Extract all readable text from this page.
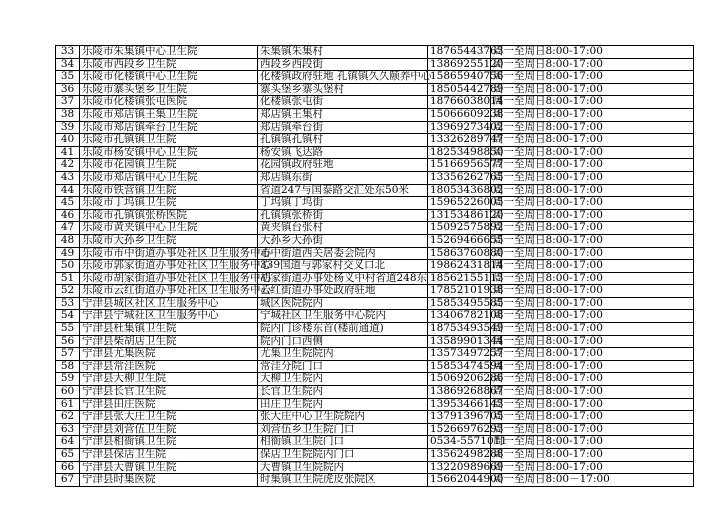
33	乐陵市朱集镇中心卫生院	朱集镇朱集村	18765443763	周一至周日8:00-17:00
34	乐陵市西段乡卫生院	西段乡西段街	13869255120	周一至周日8:00-17:00
35	乐陵市化楼镇中心卫生院	化楼镇政府驻地 孔镇镇久久颐养中心	15865940756	周一至周日8:00-17:00
36	乐陵市寨头堡乡卫生院	寨头堡乡寨头堡村	18505442789	周一至周日8:00-17:00
37	乐陵市化楼镇张屯医院	化楼镇张屯街	18766038014	周一至周日8:00-17:00
38	乐陵市郑店镇王集卫生院	郑店镇王集村	15066609238	周一至周日8:00-17:00
39	乐陵市郑店镇牵台卫生院	郑店镇牵台街	13969273402	周一至周日8:00-17:00
40	乐陵市孔镇镇卫生院	孔镇镇孔镇村	13326289747	周一至周日8:00-17:00
41	乐陵市杨安镇中心卫生院	杨安镇飞达路	18253498850	周一至周日8:00-17:00
42	乐陵市花园镇卫生院	花园镇政府驻地	15166956577	周一至周日8:00-17:00
43	乐陵市郑店镇中心卫生院	郑店镇东街	13356262765	周一至周日8:00-17:00
44	乐陵市铁营镇卫生院	省道247与国泰路交汇处东50米	18053436802	周一至周日8:00-17:00
45	乐陵市丁坞镇卫生院	丁坞镇丁坞街	15965226005	周一至周日8:00-17:00
46	乐陵市孔镇镇张桥医院	孔镇镇张桥街	13153486120	周一至周日8:00-17:00
47	乐陵市黄夹镇中心卫生院	黄夹镇台张村	15092575892	周一至周日8:00-17:00
48	乐陵市大孙乡卫生院	大孙乡大孙街	15269466655	周一至周日8:00-17:00
49	乐陵市市中街道办事处社区卫生服务中心	市中街道西关居委会院内	15863760880	周一至周日8:00-17:00
50	乐陵市郭家街道办事处社区卫生服务中心	339国道与郭家村交叉口北	19862431814	周一至周日8:00-17:00
51	乐陵市胡家街道办事处社区卫生服务中心	胡家街道办事处杨义中村省道248东	18562155113	周一至周日8:00-17:00
52	乐陵市云红街道办事处社区卫生服务中心	云红街道办事处政府驻地	17852101938	周一至周日8:00-17:00
53	宁津县城区社区卫生服务中心	城区医院院内	15853495585	周一至周日8:00-17:00
54	宁津县宁城社区卫生服务中心	宁城社区卫生服务中心院内	13406782108	周一至周日8:00-17:00
55	宁津县杜集镇卫生院	院内门诊楼东首(楼前通道)	18753493549	周一至周日8:00-17:00
56	宁津县柴胡店卫生院	院内门口西侧	13589901344	周一至周日8:00-17:00
57	宁津县尤集医院	尤集卫生院院内	13573497257	周一至周日8:00-17:00
58	宁津县常洼医院	常洼分院门口	15853474594	周一至周日8:00-17:00
59	宁津县大柳卫生院	大柳卫生院内	15069206286	周一至周日8:00-17:00
60	宁津县长官卫生院	长官卫生院内	13869268867	周一至周日8:00-17:00
61	宁津县田庄医院	田庄卫生院内	13953466143	周一至周日8:00-17:00
62	宁津县张大庄卫生院	张大庄中心卫生院院内	13791396705	周一至周日8:00-17:00
63	宁津县刘营伍卫生院	刘营伍乡卫生院门口	15266976293	周一至周日8:00-17:00
64	宁津县相衙镇卫生院	相衙镇卫生院门口	0534-5571011	周一至周日8:00-17:00
65	宁津县保店卫生院	保店卫生院院内门口	13562498288	周一至周日8:00-17:00
66	宁津县大曹镇卫生院	大曹镇卫生院院内	13220989669	周一至周日8:00-17:00
67	宁津县时集医院	时集镇卫生院虎皮张院区	15662044900	周一至周日8:00－17:00
